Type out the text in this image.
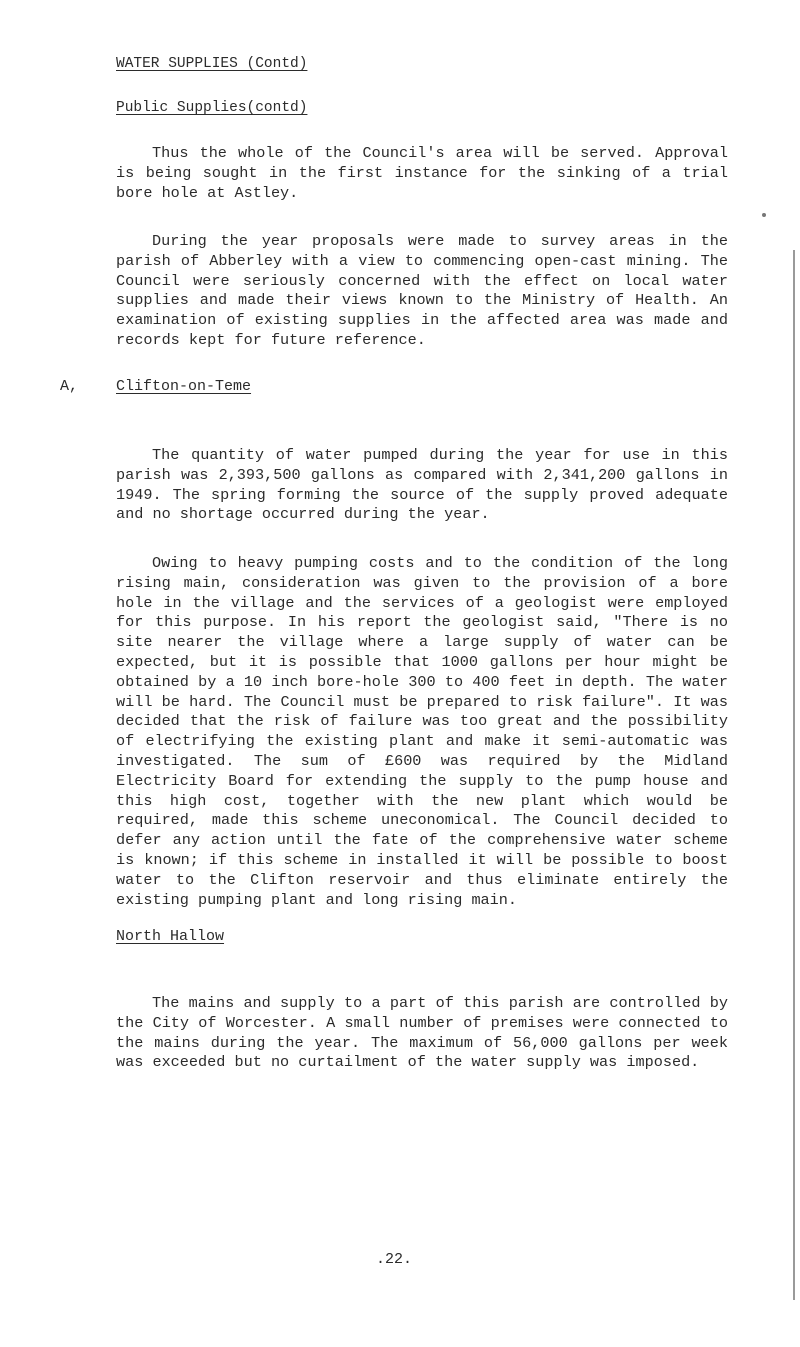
WATER SUPPLIES (Contd)
Public Supplies(contd)

Thus the whole of the Council's area will be served. Approval is being sought in the first instance for the sinking of a trial bore hole at Astley.

During the year proposals were made to survey areas in the parish of Abberley with a view to commencing open-cast mining. The Council were seriously concerned with the effect on local water supplies and made their views known to the Ministry of Health. An examination of existing supplies in the affected area was made and records kept for future reference.

A,	Clifton-on-Teme

The quantity of water pumped during the year for use in this parish was 2,393,500 gallons as compared with 2,341,200 gallons in 1949. The spring forming the source of the supply proved adequate and no shortage occurred during the year.

Owing to heavy pumping costs and to the condition of the long rising main, consideration was given to the provision of a bore hole in the village and the services of a geologist were employed for this purpose. In his report the geologist said, "There is no site nearer the village where a large supply of water can be expected, but it is possible that 1000 gallons per hour might be obtained by a 10 inch bore-hole 300 to 400 feet in depth. The water will be hard. The Council must be prepared to risk failure". It was decided that the risk of failure was too great and the possibility of electrifying the existing plant and make it semi-automatic was investigated. The sum of £600 was required by the Midland Electricity Board for extending the supply to the pump house and this high cost, together with the new plant which would be required, made this scheme uneconomical. The Council decided to defer any action until the fate of the comprehensive water scheme is known; if this scheme in installed it will be possible to boost water to the Clifton reservoir and thus eliminate entirely the existing pumping plant and long rising main.

North Hallow

The mains and supply to a part of this parish are controlled by the City of Worcester. A small number of premises were connected to the mains during the year. The maximum of 56,000 gallons per week was exceeded but no curtailment of the water supply was imposed.

.22.
